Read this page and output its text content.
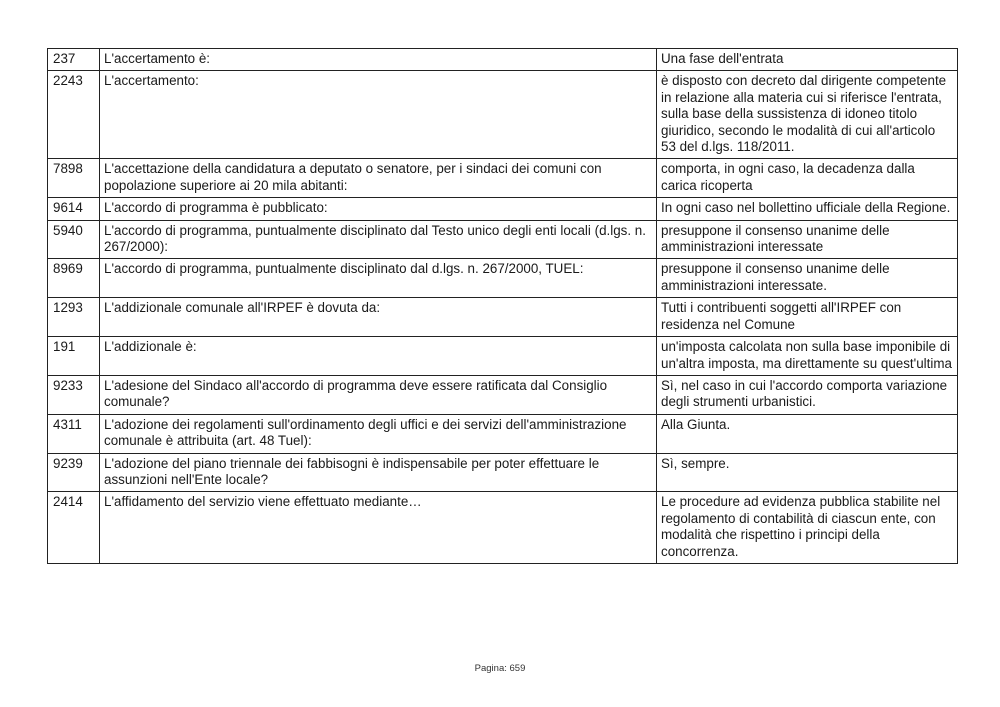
237	L'accertamento è:	Una fase dell'entrata
2243	L'accertamento:	è disposto con decreto dal dirigente competente in relazione alla materia cui si riferisce l'entrata, sulla base della sussistenza di idoneo titolo giuridico, secondo le modalità di cui all'articolo 53 del d.lgs. 118/2011.
7898	L'accettazione della candidatura a deputato o senatore, per i sindaci dei comuni con popolazione superiore ai 20 mila abitanti:	comporta, in ogni caso, la decadenza dalla carica ricoperta
9614	L'accordo di programma è pubblicato:	In ogni caso nel bollettino ufficiale della Regione.
5940	L'accordo di programma, puntualmente disciplinato dal Testo unico degli enti locali (d.lgs. n. 267/2000):	presuppone il consenso unanime delle amministrazioni interessate
8969	L'accordo di programma, puntualmente disciplinato dal d.lgs. n. 267/2000, TUEL:	presuppone il consenso unanime delle amministrazioni interessate.
1293	L'addizionale comunale all'IRPEF è dovuta da:	Tutti i contribuenti soggetti all'IRPEF con residenza nel Comune
191	L'addizionale è:	un'imposta calcolata non sulla base imponibile di un'altra imposta, ma direttamente su quest'ultima
9233	L'adesione del Sindaco all'accordo di programma deve essere ratificata dal Consiglio comunale?	Sì, nel caso in cui l'accordo comporta variazione degli strumenti urbanistici.
4311	L'adozione dei regolamenti sull'ordinamento degli uffici e dei servizi dell'amministrazione comunale è attribuita (art. 48 Tuel):	Alla Giunta.
9239	L'adozione del piano triennale dei fabbisogni è indispensabile per poter effettuare le assunzioni nell'Ente locale?	Sì, sempre.
2414	L'affidamento del servizio viene effettuato mediante…	Le procedure ad evidenza pubblica stabilite nel regolamento di contabilità di ciascun ente, con modalità che rispettino i principi della concorrenza.
Pagina: 659
